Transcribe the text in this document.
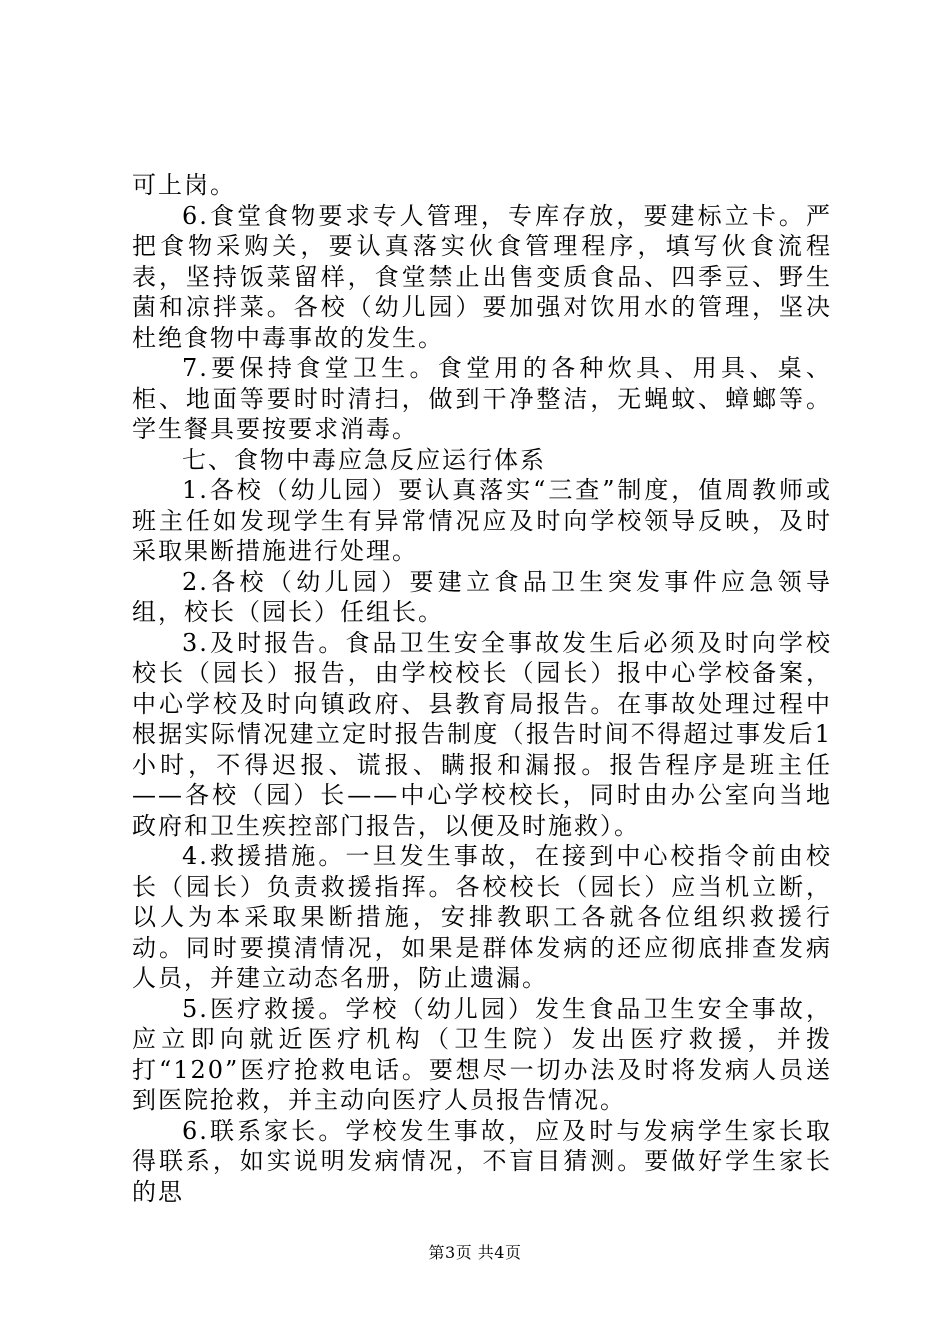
可上岗。

6.食堂食物要求专人管理，专库存放，要建标立卡。严把食物采购关，要认真落实伙食管理程序，填写伙食流程表，坚持饭菜留样，食堂禁止出售变质食品、四季豆、野生菌和凉拌菜。各校（幼儿园）要加强对饮用水的管理，坚决杜绝食物中毒事故的发生。

7.要保持食堂卫生。食堂用的各种炊具、用具、桌、柜、地面等要时时清扫，做到干净整洁，无蝇蚊、蟑螂等。学生餐具要按要求消毒。

七、食物中毒应急反应运行体系

1.各校（幼儿园）要认真落实“三查”制度，值周教师或班主任如发现学生有异常情况应及时向学校领导反映，及时采取果断措施进行处理。

2.各校（幼儿园）要建立食品卫生突发事件应急领导组，校长（园长）任组长。

3.及时报告。食品卫生安全事故发生后必须及时向学校校长（园长）报告，由学校校长（园长）报中心学校备案，中心学校及时向镇政府、县教育局报告。在事故处理过程中根据实际情况建立定时报告制度（报告时间不得超过事发后1小时，不得迟报、谎报、瞒报和漏报。报告程序是班主任——各校（园）长——中心学校校长，同时由办公室向当地政府和卫生疾控部门报告，以便及时施救）。

4.救援措施。一旦发生事故，在接到中心校指令前由校长（园长）负责救援指挥。各校校长（园长）应当机立断，以人为本采取果断措施，安排教职工各就各位组织救援行动。同时要摸清情况，如果是群体发病的还应彻底排查发病人员，并建立动态名册，防止遗漏。

5.医疗救援。学校（幼儿园）发生食品卫生安全事故，应立即向就近医疗机构（卫生院）发出医疗救援，并拨打“120”医疗抢救电话。要想尽一切办法及时将发病人员送到医院抢救，并主动向医疗人员报告情况。

6.联系家长。学校发生事故，应及时与发病学生家长取得联系，如实说明发病情况，不盲目猜测。要做好学生家长的思

第3页 共4页
